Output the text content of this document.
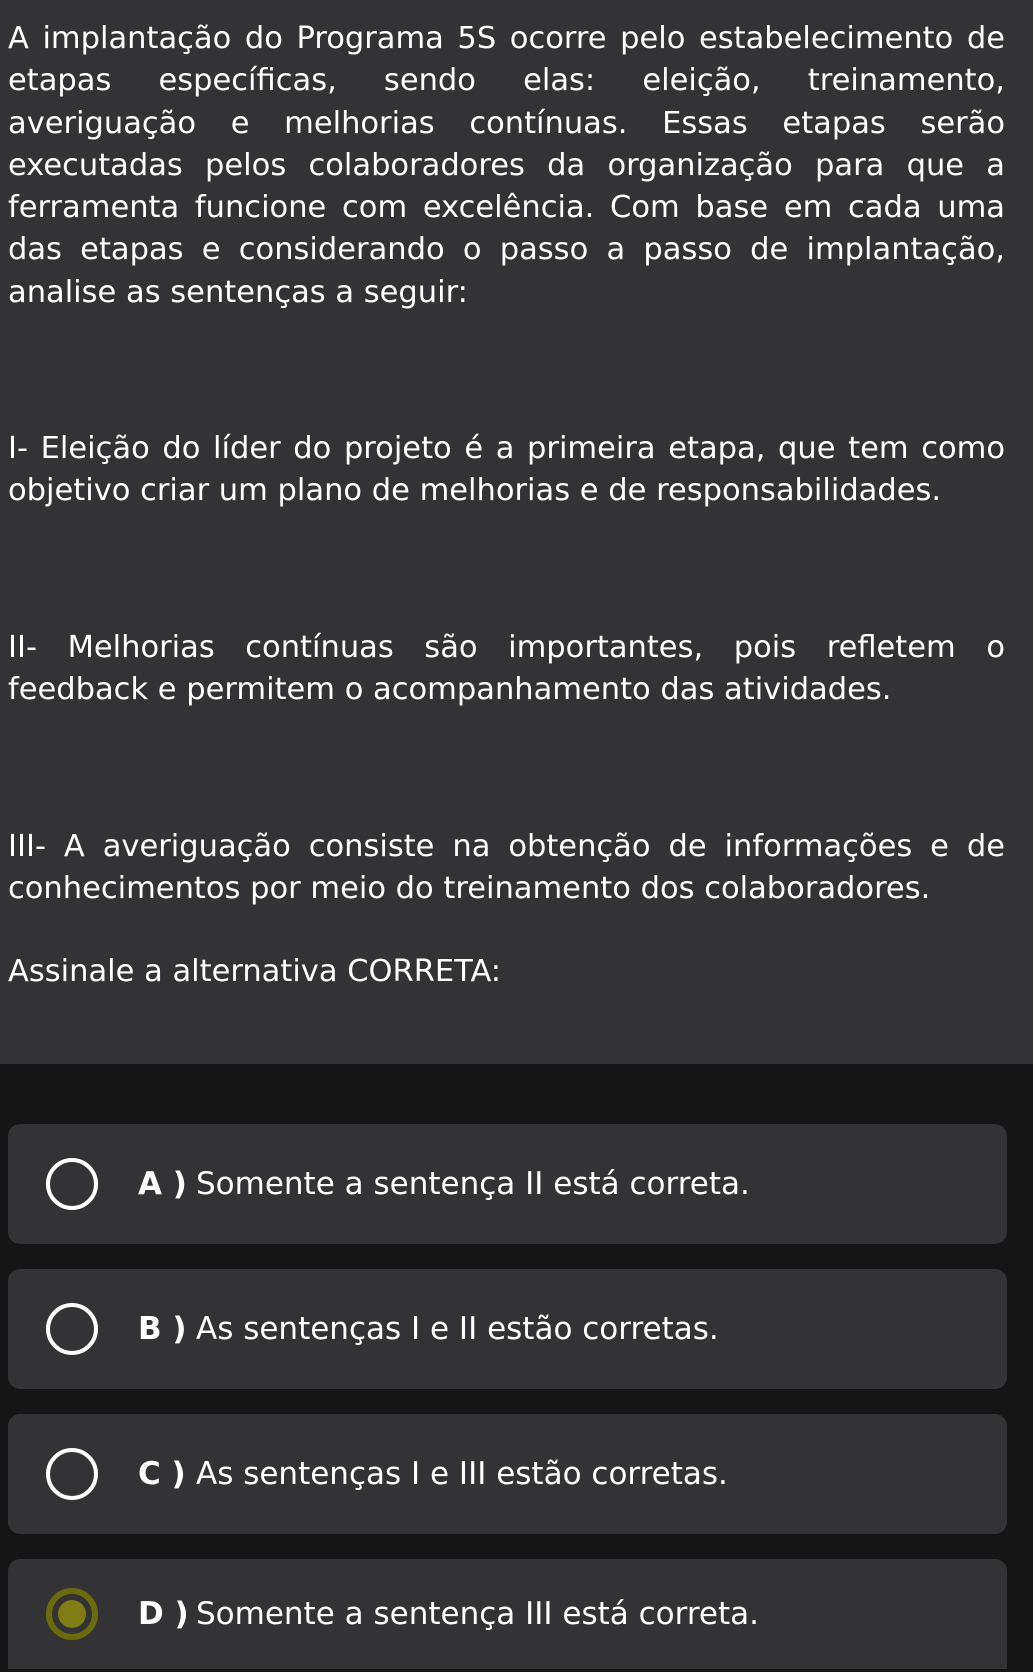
A implantação do Programa 5S ocorre pelo estabelecimento de etapas específicas, sendo elas: eleição, treinamento, averiguação e melhorias contínuas. Essas etapas serão executadas pelos colaboradores da organização para que a ferramenta funcione com excelência. Com base em cada uma das etapas e considerando o passo a passo de implantação, analise as sentenças a seguir:

I- Eleição do líder do projeto é a primeira etapa, que tem como objetivo criar um plano de melhorias e de responsabilidades.

II- Melhorias contínuas são importantes, pois refletem o feedback e permitem o acompanhamento das atividades.

III- A averiguação consiste na obtenção de informações e de conhecimentos por meio do treinamento dos colaboradores.

Assinale a alternativa CORRETA:

A ) Somente a sentença II está correta.
B ) As sentenças I e II estão corretas.
C ) As sentenças I e III estão corretas.
D ) Somente a sentença III está correta.
